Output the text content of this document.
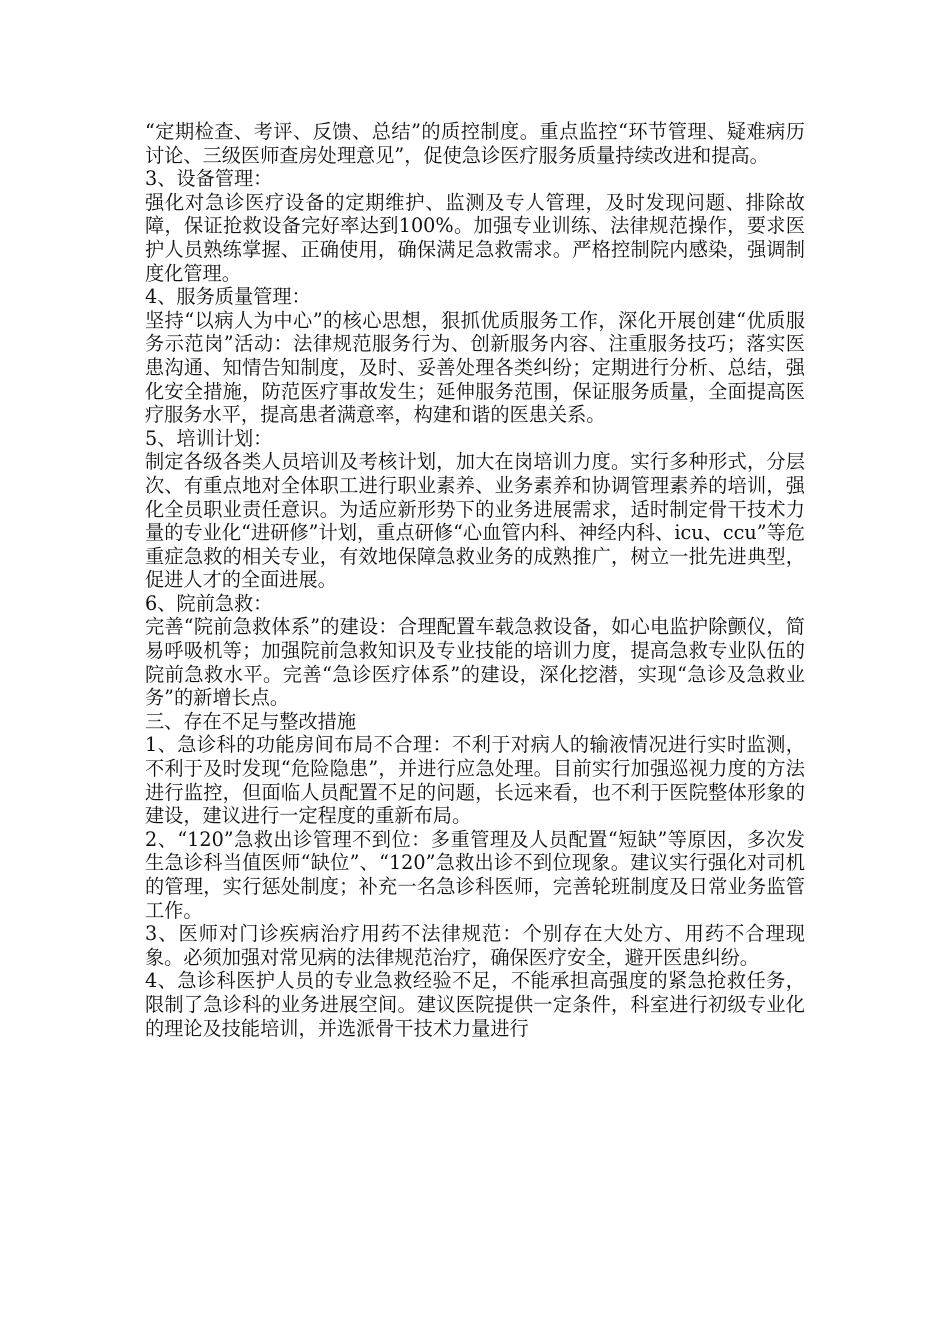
“定期检查、考评、反馈、总结”的质控制度。重点监控“环节管理、疑难病历讨论、三级医师查房处理意见”，促使急诊医疗服务质量持续改进和提高。

3、设备管理：

强化对急诊医疗设备的定期维护、监测及专人管理，及时发现问题、排除故障，保证抢救设备完好率达到100%。加强专业训练、法律规范操作，要求医护人员熟练掌握、正确使用，确保满足急救需求。严格控制院内感染，强调制度化管理。

4、服务质量管理：

坚持“以病人为中心”的核心思想，狠抓优质服务工作，深化开展创建“优质服务示范岗”活动：法律规范服务行为、创新服务内容、注重服务技巧；落实医患沟通、知情告知制度，及时、妥善处理各类纠纷；定期进行分析、总结，强化安全措施，防范医疗事故发生；延伸服务范围，保证服务质量，全面提高医疗服务水平，提高患者满意率，构建和谐的医患关系。

5、培训计划：

制定各级各类人员培训及考核计划，加大在岗培训力度。实行多种形式，分层次、有重点地对全体职工进行职业素养、业务素养和协调管理素养的培训，强化全员职业责任意识。为适应新形势下的业务进展需求，适时制定骨干技术力量的专业化“进研修”计划，重点研修“心血管内科、神经内科、icu、ccu”等危重症急救的相关专业，有效地保障急救业务的成熟推广，树立一批先进典型，促进人才的全面进展。

6、院前急救：

完善“院前急救体系”的建设：合理配置车载急救设备，如心电监护除颤仪，简易呼吸机等；加强院前急救知识及专业技能的培训力度，提高急救专业队伍的院前急救水平。完善“急诊医疗体系”的建设，深化挖潜，实现“急诊及急救业务”的新增长点。

三、存在不足与整改措施

1、急诊科的功能房间布局不合理：不利于对病人的输液情况进行实时监测，不利于及时发现“危险隐患”，并进行应急处理。目前实行加强巡视力度的方法进行监控，但面临人员配置不足的问题，长远来看，也不利于医院整体形象的建设，建议进行一定程度的重新布局。

2、“120”急救出诊管理不到位：多重管理及人员配置“短缺”等原因，多次发生急诊科当值医师“缺位”、“120”急救出诊不到位现象。建议实行强化对司机的管理，实行惩处制度；补充一名急诊科医师，完善轮班制度及日常业务监管工作。

3、医师对门诊疾病治疗用药不法律规范：个别存在大处方、用药不合理现象。必须加强对常见病的法律规范治疗，确保医疗安全，避开医患纠纷。

4、急诊科医护人员的专业急救经验不足，不能承担高强度的紧急抢救任务，限制了急诊科的业务进展空间。建议医院提供一定条件，科室进行初级专业化的理论及技能培训，并选派骨干技术力量进行
